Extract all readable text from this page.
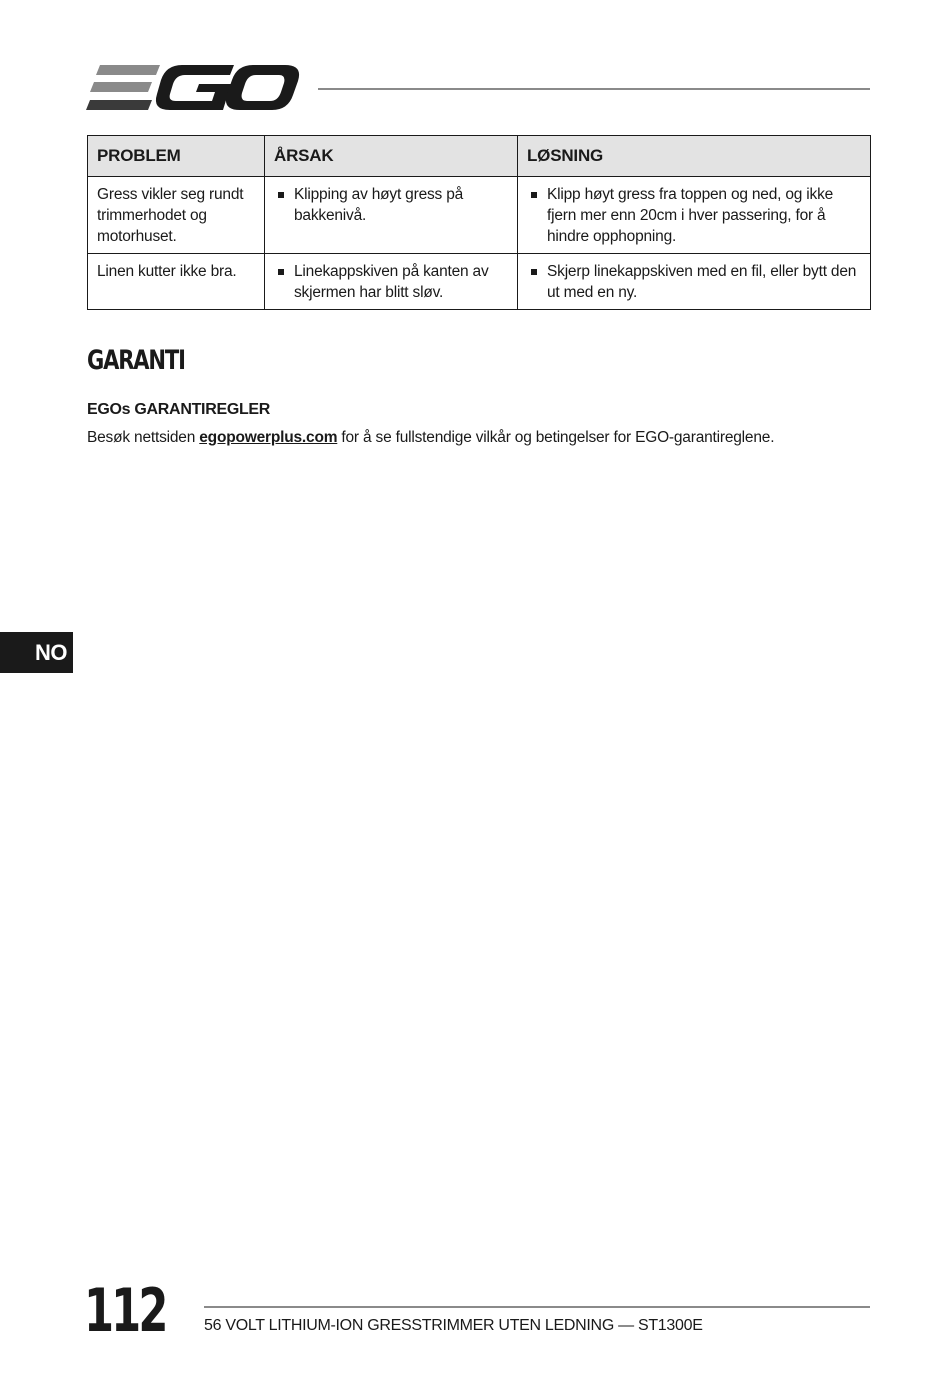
PROBLEM	ÅRSAK	LØSNING

Gress vikler seg rundt trimmerhodet og motorhuset.	Klipping av høyt gress på bakkenivå.	Klipp høyt gress fra toppen og ned, og ikke fjern mer enn 20cm i hver passering, for å hindre opphopning.

Linen kutter ikke bra.	Linekappskiven på kanten av skjermen har blitt sløv.	Skjerp linekappskiven med en fil, eller bytt den ut med en ny.
GARANTI
EGOs GARANTIREGLER

Besøk nettsiden egopowerplus.com for å se fullstendige vilkår og betingelser for EGO-garantireglene.

NO
112 56 VOLT LITHIUM-ION GRESSTRIMMER UTEN LEDNING — ST1300E
